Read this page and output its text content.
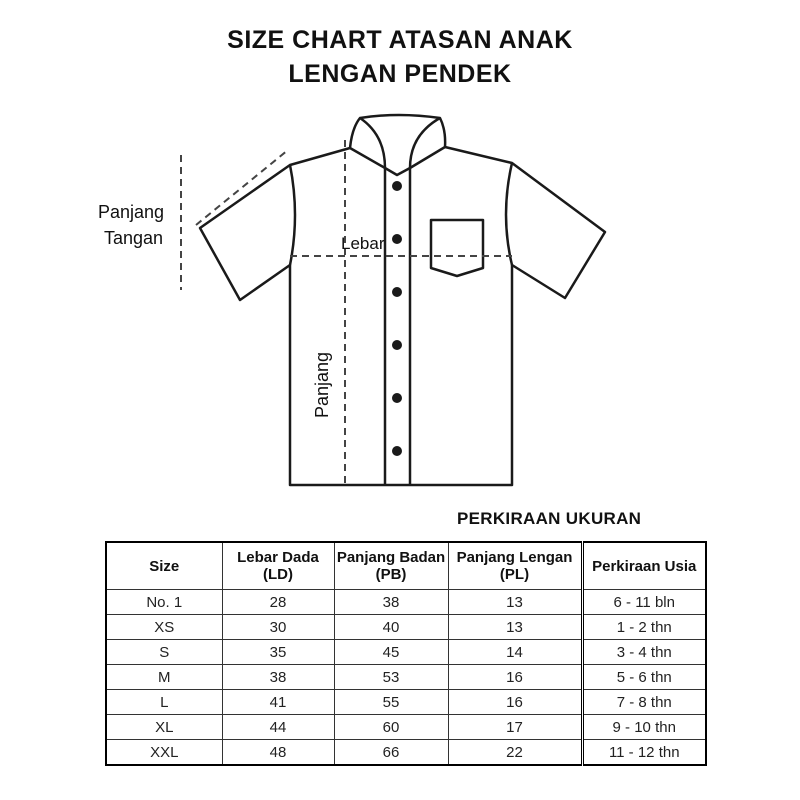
SIZE CHART ATASAN ANAK
LENGAN PENDEK
Panjang
Tangan	Lebar
Panjang
PERKIRAAN UKURAN
Size	Lebar Dada (LD)	Panjang Badan (PB)	Panjang Lengan (PL)	Perkiraan Usia
No. 1	28	38	13	6 - 11 bln
XS	30	40	13	1 - 2 thn
S	35	45	14	3 - 4 thn
M	38	53	16	5 - 6 thn
L	41	55	16	7 - 8 thn
XL	44	60	17	9 - 10 thn
XXL	48	66	22	11 - 12 thn
